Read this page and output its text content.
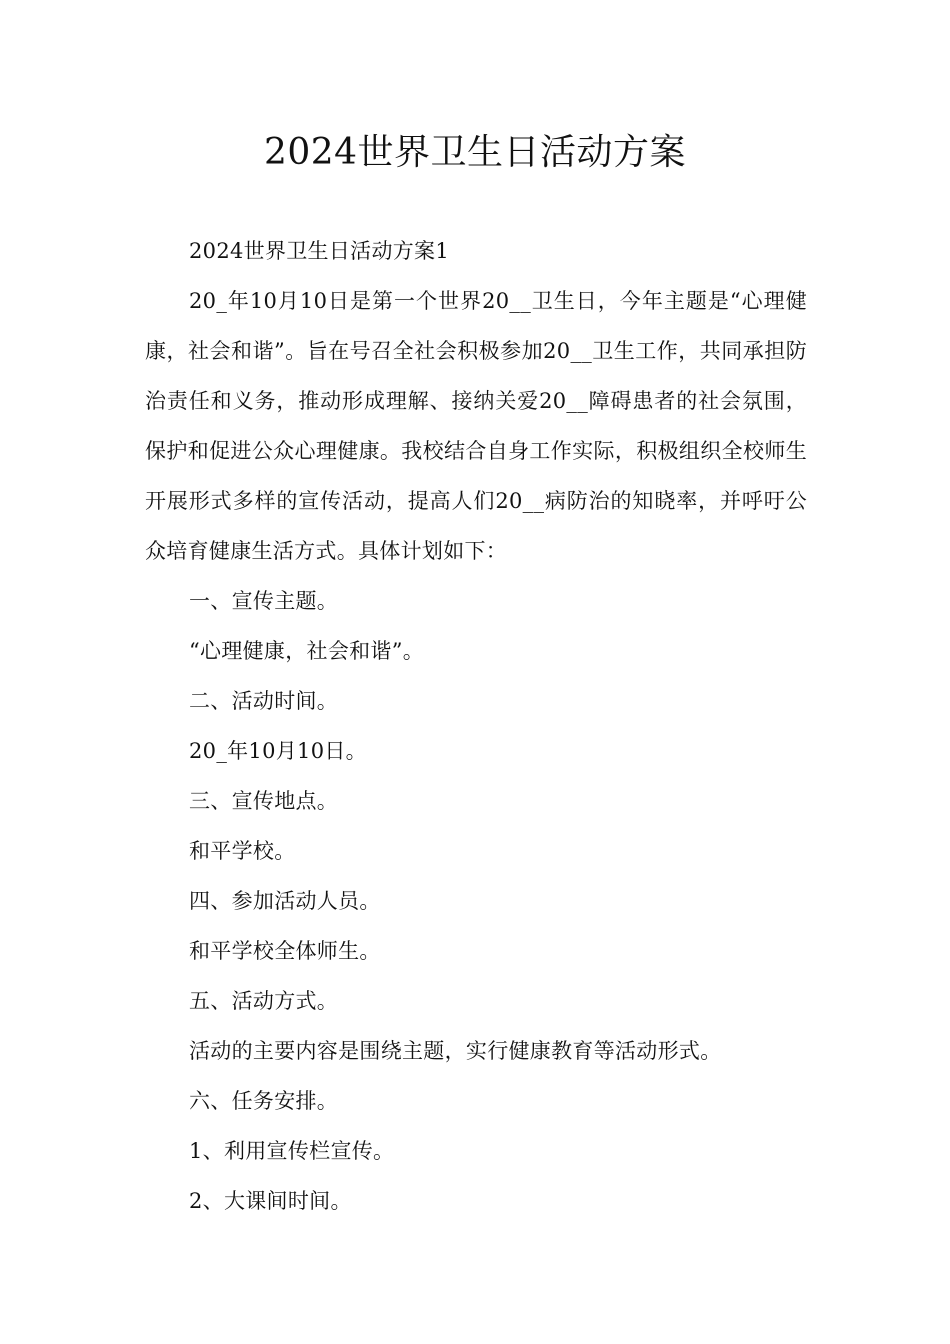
2024世界卫生日活动方案

2024世界卫生日活动方案1

20_年10月10日是第一个世界20__卫生日，今年主题是“心理健康，社会和谐”。旨在号召全社会积极参加20__卫生工作，共同承担防治责任和义务，推动形成理解、接纳关爱20__障碍患者的社会氛围，保护和促进公众心理健康。我校结合自身工作实际，积极组织全校师生开展形式多样的宣传活动，提高人们20__病防治的知晓率，并呼吁公众培育健康生活方式。具体计划如下：

一、宣传主题。

“心理健康，社会和谐”。

二、活动时间。

20_年10月10日。

三、宣传地点。

和平学校。

四、参加活动人员。

和平学校全体师生。

五、活动方式。

活动的主要内容是围绕主题，实行健康教育等活动形式。

六、任务安排。

1、利用宣传栏宣传。

2、大课间时间。
